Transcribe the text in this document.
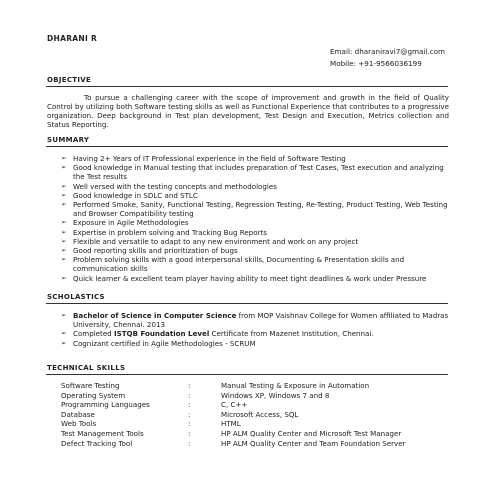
DHARANI R
Email: dharaniravi7@gmail.com
Mobile: +91-9566036199
OBJECTIVE
To pursue a challenging career with the scope of improvement and growth in the field of Quality Control by utilizing both Software testing skills as well as Functional Experience that contributes to a progressive organization. Deep background in Test plan development, Test Design and Execution, Metrics collection and Status Reporting.
SUMMARY
➢ Having 2+ Years of IT Professional experience in the field of Software Testing
➢ Good knowledge in Manual testing that includes preparation of Test Cases, Test execution and analyzing the Test results
➢ Well versed with the testing concepts and methodologies
➢ Good knowledge in SDLC and STLC
➢ Performed Smoke, Sanity, Functional Testing, Regression Testing, Re-Testing, Product Testing, Web Testing and Browser Compatibility testing
➢ Exposure in Agile Methodologies
➢ Expertise in problem solving and Tracking Bug Reports
➢ Flexible and versatile to adapt to any new environment and work on any project
➢ Good reporting skills and prioritization of bugs
➢ Problem solving skills with a good interpersonal skills, Documenting & Presentation skills and communication skills
➢ Quick learner & excellent team player having ability to meet tight deadlines & work under Pressure
SCHOLASTICS
➢ Bachelor of Science in Computer Science from MOP Vaishnav College for Women affiliated to Madras University, Chennai. 2013
➢ Completed ISTQB Foundation Level Certificate from Mazenet Institution, Chennai.
➢ Cognizant certified in Agile Methodologies - SCRUM
TECHNICAL SKILLS
Software Testing	:	Manual Testing & Exposure in Automation
Operating System	:	Windows XP, Windows 7 and 8
Programming Languages	:	C, C++
Database	:	Microsoft Access, SQL
Web Tools	:	HTML
Test Management Tools	:	HP ALM Quality Center and Microsoft Test Manager
Defect Tracking Tool	:	HP ALM Quality Center and Team Foundation Server
